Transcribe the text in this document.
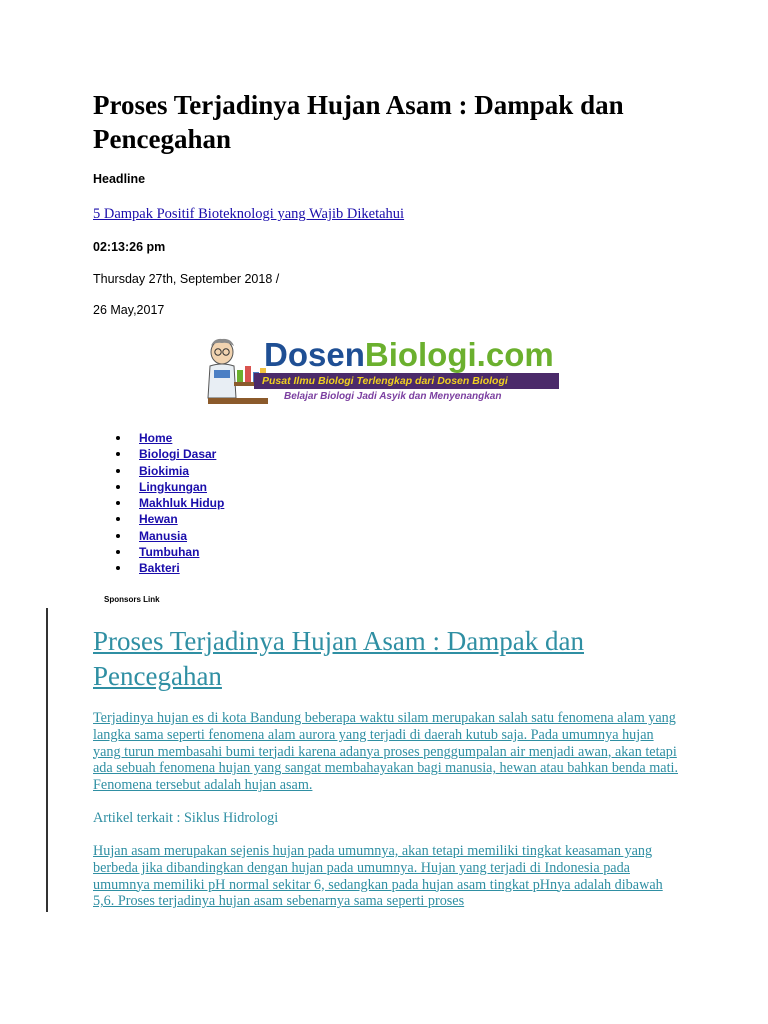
Proses Terjadinya Hujan Asam : Dampak dan Pencegahan

Headline

5 Dampak Positif Bioteknologi yang Wajib Diketahui

02:13:26 pm

Thursday 27th, September 2018 /

26 May,2017

DosenBiologi.com
Pusat Ilmu Biologi Terlengkap dari Dosen Biologi
Belajar Biologi Jadi Asyik dan Menyenangkan
Home
Biologi Dasar
Biokimia
Lingkungan
Makhluk Hidup
Hewan
Manusia
Tumbuhan
Bakteri
Sponsors Link
Proses Terjadinya Hujan Asam : Dampak dan Pencegahan

Terjadinya hujan es di kota Bandung beberapa waktu silam merupakan salah satu fenomena alam yang langka sama seperti fenomena alam aurora yang terjadi di daerah kutub saja. Pada umumnya hujan yang turun membasahi bumi terjadi karena adanya proses penggumpalan air menjadi awan, akan tetapi ada sebuah fenomena hujan yang sangat membahayakan bagi manusia, hewan atau bahkan benda mati. Fenomena tersebut adalah hujan asam.

Artikel terkait : Siklus Hidrologi

Hujan asam merupakan sejenis hujan pada umumnya, akan tetapi memiliki tingkat keasaman yang berbeda jika dibandingkan dengan hujan pada umumnya. Hujan yang terjadi di Indonesia pada umumnya memiliki pH normal sekitar 6, sedangkan pada hujan asam tingkat pHnya adalah dibawah 5,6. Proses terjadinya hujan asam sebenarnya sama seperti proses
